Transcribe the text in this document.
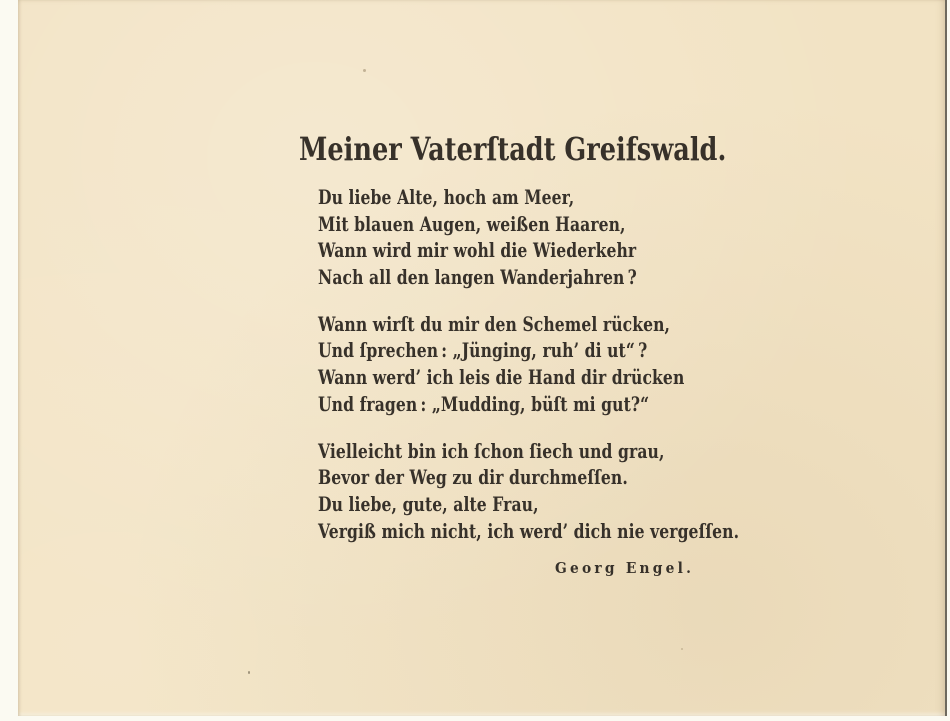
Meiner Vaterſtadt Greifswald.
Du liebe Alte, hoch am Meer,
Mit blauen Augen, weißen Haaren,
Wann wird mir wohl die Wiederkehr
Nach all den langen Wanderjahren ?
Wann wirſt du mir den Schemel rücken,
Und ſprechen : „Jünging, ruh’ di ut“ ?
Wann werd’ ich leis die Hand dir drücken
Und fragen : „Mudding, büſt mi gut?“
Vielleicht bin ich ſchon ſiech und grau,
Bevor der Weg zu dir durchmeſſen.
Du liebe, gute, alte Frau,
Vergiß mich nicht, ich werd’ dich nie vergeſſen.
Georg Engel.
